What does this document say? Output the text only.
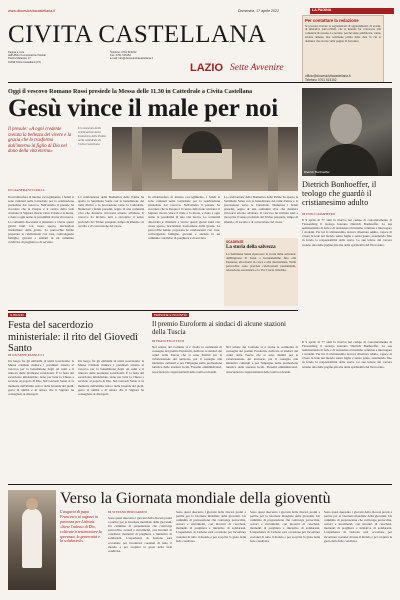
www.diocesicivitacastellana.it	Domenica, 17 aprile 2022	LA PAGINA
CIVITA CASTELLANA
Per contattare la redazione
Si possono inviare le segnalazioni di appuntamenti, di eventi, di iniziative parrocchiali, che si intende far conoscere alla comunità diocesana. Le notizie, perché siano pubblicate, vanno inviate almeno due settimane prima della data in cui si desidera che escano sulla pagina di Avvenire.
ufficio@diocesicivitacastellana.it
Telefono 0761 515152
Pagina a cura
dell'Ufficio Comunicazioni Sociali
Piazza Matteotti, 27
01033 Civita Castellana (VT)
Telefono: 0761 515152
Fax: 0761 515152
e-mail: info@diocesicivitacastellana.it
LAZIO Sette Avvenire
Oggi il vescovo Romano Rossi presiede la Messa delle 11.30 in Cattedrale a Civita Castellana
Gesù vince il male per noi
Il presule: «A ogni credente svelata la bellezza del vivere e la grazia che lo trasforma dall'interno in figlio di Dio nel dono della vita eterna»
DI GIANFRANCO RICCI
In un'atmosfera di intenso raccoglimento, i fedeli si sono radunati nella Cattedrale per la celebrazione presieduta dal vescovo. Nell'omelia il presule ha ricordato che la Pasqua è il centro della fede cristiana: il Signore risorto vince il male e la morte, e dona a ogni uomo la possibilità di una vita nuova. La comunità diocesana è chiamata a vivere questi giorni santi con cuore aperto, lasciandosi trasformare dalla grazia. Le parrocchie hanno preparato le celebrazioni con cura, coinvolgendo famiglie, giovani e anziani in un cammino condiviso di preghiera e di servizio.
La celebrazione della Domenica delle Palme ha aperto la Settimana Santa con la benedizione dei rami d'ulivo e la processione verso la Cattedrale. Numerosi i fedeli presenti, segno di una comunità viva che desidera ritrovarsi attorno all'altare. Il vescovo ha invitato tutti a riscoprire il senso profondo del Triduo pasquale, tempo di silenzio, di ascolto e di conversione del cuore.
In un'atmosfera di intenso raccoglimento, i fedeli si sono radunati nella Cattedrale per la celebrazione presieduta dal vescovo. Nell'omelia il presule ha ricordato che la Pasqua è il centro della fede cristiana: il Signore risorto vince il male e la morte, e dona a ogni uomo la possibilità di una vita nuova. La comunità diocesana è chiamata a vivere questi giorni santi con cuore aperto, lasciandosi trasformare dalla grazia. Le parrocchie hanno preparato le celebrazioni con cura, coinvolgendo famiglie, giovani e anziani in un cammino condiviso di preghiera e di servizio.
Un momento della celebrazione della Domenica delle Palme nella cattedrale di Civita Castellana
SCADENZE
La storia della salvezza
La Settimana Santa ripercorre la storia della salvezza: dall'ingresso di Gesù a Gerusalemme fino alla Passione, alla morte in croce e alla risurrezione. Nelle parrocchie sono previste celebrazioni penitenziali, adorazione eucaristica e la Via Crucis cittadina.
La celebrazione della Domenica delle Palme ha aperto la Settimana Santa con la benedizione dei rami d'ulivo e la processione verso la Cattedrale. Numerosi i fedeli presenti, segno di una comunità viva che desidera ritrovarsi attorno all'altare. Il vescovo ha invitato tutti a riscoprire il senso profondo del Triduo pasquale, tempo di silenzio, di ascolto e di conversione del cuore.
Dietrich Bonhoeffer
Dietrich Bonhoeffer, il teologo che guardò il cristianesimo adulto
DI ENZO GIAMPIETRO
Il 9 aprile di 77 anni fa moriva nel campo di concentramento di Flossenbürg il teologo luterano Dietrich Bonhoeffer. La sua testimonianza di fede e di resistenza al nazismo continua a interrogare i credenti. Per lui il cristianesimo doveva diventare adulto, capace di vivere la fede nel mondo senza fughe e senza paure, assumendo fino in fondo la responsabilità della storia. Le sue lettere dal carcere restano una delle pagine più alte della spiritualità del Novecento.
Il 9 aprile di 77 anni fa moriva nel campo di concentramento di Flossenbürg il teologo luterano Dietrich Bonhoeffer. La sua testimonianza di fede e di resistenza al nazismo continua a interrogare i credenti. Per lui il cristianesimo doveva diventare adulto, capace di vivere la fede nel mondo senza fughe e senza paure, assumendo fino in fondo la responsabilità della storia. Le sue lettere dal carcere restano una delle pagine più alte della spiritualità del Novecento.
IL BRANO
Festa del sacerdozio ministeriale: il rito del Giovedì Santo
DI GIUSEPPE PANNUCCI
Un luogo fra gli emblemi di unità sacerdotale: la Messa crismale riunisce i presbiteri attorno al vescovo per la benedizione degli oli santi e il rinnovo delle promesse sacerdotali. È la festa del sacerdozio ministeriale, dono per tutta la Chiesa e servizio al popolo di Dio. Nel Giovedì Santo si fa memoria dell'ultima cena e della lavanda dei piedi, gesto di umiltà e di amore che il Signore ha consegnato ai discepoli.
Un luogo fra gli emblemi di unità sacerdotale: la Messa crismale riunisce i presbiteri attorno al vescovo per la benedizione degli oli santi e il rinnovo delle promesse sacerdotali. È la festa del sacerdozio ministeriale, dono per tutta la Chiesa e servizio al popolo di Dio. Nel Giovedì Santo si fa memoria dell'ultima cena e della lavanda dei piedi, gesto di umiltà e di amore che il Signore ha consegnato ai discepoli.
PERSONE E INCONTRI
Il premio Euroform ai sindaci di alcune stazioni della Tuscia
DI FRANCESCO TESTI
Nel salone del Comune si è svolta la cerimonia di consegna del premio Euroform, dedicato ai sindaci dei centri della Tuscia che si sono distinti per la valorizzazione del territorio, per il sostegno alle iniziative culturali e per l'impegno nella promozione turistica delle stazioni locali. Presenti amministratori, associazioni e rappresentanti delle realtà ecclesiali.
Nel salone del Comune si è svolta la cerimonia di consegna del premio Euroform, dedicato ai sindaci dei centri della Tuscia che si sono distinti per la valorizzazione del territorio, per il sostegno alle iniziative culturali e per l'impegno nella promozione turistica delle stazioni locali. Presenti amministratori, associazioni e rappresentanti delle realtà ecclesiali.
Verso la Giornata mondiale della gioventù
L'augurio di papa Francesco ai ragazzi in partenza per Lisbona: «Siete l'adesso di Dio, coltivate a testimoniare la speranza, la generosità e la solidarietà»
DI STEFANO BERNARDINI
Sono quasi duecento i giovani della diocesi pronti a partire per la Giornata mondiale della gioventù. Un cammino di preparazione che coinvolge parrocchie, oratori e movimenti, con incontri di catechesi, momenti di preghiera e iniziative di solidarietà. L'esperienza di Lisbona sarà occasione per incontrare coetanei di tutto il mondo e per scoprire la gioia della fede condivisa.
Sono quasi duecento i giovani della diocesi pronti a partire per la Giornata mondiale della gioventù. Un cammino di preparazione che coinvolge parrocchie, oratori e movimenti, con incontri di catechesi, momenti di preghiera e iniziative di solidarietà. L'esperienza di Lisbona sarà occasione per incontrare coetanei di tutto il mondo e per scoprire la gioia della fede condivisa.
Sono quasi duecento i giovani della diocesi pronti a partire per la Giornata mondiale della gioventù. Un cammino di preparazione che coinvolge parrocchie, oratori e movimenti, con incontri di catechesi, momenti di preghiera e iniziative di solidarietà. L'esperienza di Lisbona sarà occasione per incontrare coetanei di tutto il mondo e per scoprire la gioia della fede condivisa.
Sono quasi duecento i giovani della diocesi pronti a partire per la Giornata mondiale della gioventù. Un cammino di preparazione che coinvolge parrocchie, oratori e movimenti, con incontri di catechesi, momenti di preghiera e iniziative di solidarietà. L'esperienza di Lisbona sarà occasione per incontrare coetanei di tutto il mondo e per scoprire la gioia della fede condivisa.
